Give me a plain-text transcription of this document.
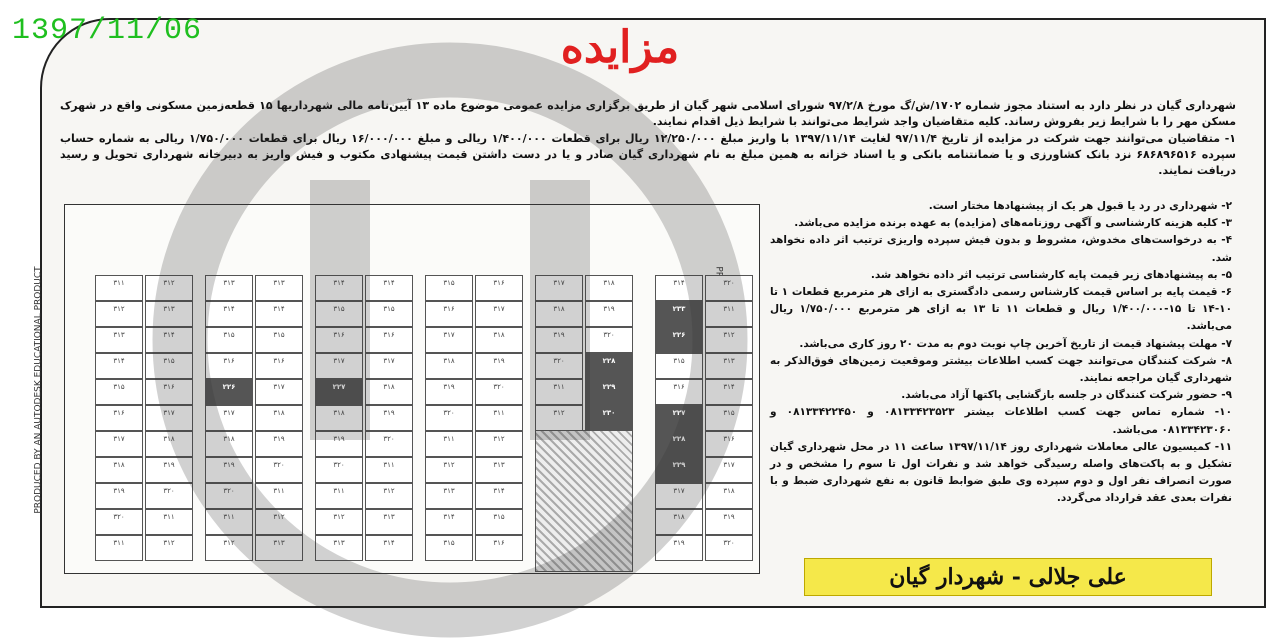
1397/11/06	مزایده

شهرداری گیان در نظر دارد به استناد مجوز شماره ۱۷۰۲/ش/گ مورخ ۹۷/۲/۸ شورای اسلامی شهر گیان از طریق برگزاری مزایده عمومی موضوع ماده ۱۳ آیین‌نامه مالی شهرداریها ۱۵ قطعه‌زمین مسکونی واقع در شهرک مسکن مهر را با شرایط زیر بفروش رساند. کلیه متقاضیان واجد شرایط می‌توانند با شرایط ذیل اقدام نمایند.

۱- متقاضیان می‌توانند جهت شرکت در مزایده از تاریخ ۹۷/۱۱/۴ لغایت ۱۳۹۷/۱۱/۱۴ با واریز مبلغ ۱۲/۲۵۰/۰۰۰ ریال برای قطعات ۱/۴۰۰/۰۰۰ ریالی و مبلغ ۱۶/۰۰۰/۰۰۰ ریال برای قطعات ۱/۷۵۰/۰۰۰ ریالی به شماره حساب سپرده ۶۸۶۸۹۶۵۱۶ نزد بانک کشاورزی و یا ضمانتنامه بانکی و یا اسناد خزانه به همین مبلغ به نام شهرداری گیان صادر و یا در دست داشتن قیمت پیشنهادی مکتوب و فیش واریز به دبیرخانه شهرداری تحویل و رسید دریافت نمایند.

۲- شهرداری در رد یا قبول هر یک از پیشنهادها مختار است.

۳- کلیه هزینه کارشناسی و آگهی روزنامه‌های (مزایده) به عهده برنده مزایده می‌باشد.

۴- به درخواست‌های مخدوش، مشروط و بدون فیش سپرده واریزی ترتیب اثر داده نخواهد شد.

۵- به پیشنهادهای زیر قیمت پایه کارشناسی ترتیب اثر داده نخواهد شد.

۶- قیمت پایه بر اساس قیمت کارشناس رسمی دادگستری به ازای هر مترمربع قطعات ۱ تا ۱۰-۱۴ تا ۱۵-۱/۴۰۰/۰۰۰ ریال و قطعات ۱۱ تا ۱۳ به ازای هر مترمربع ۱/۷۵۰/۰۰۰ ریال می‌باشد.

۷- مهلت پیشنهاد قیمت از تاریخ آخرین چاپ نوبت دوم به مدت ۲۰ روز کاری می‌باشد.

۸- شرکت کنندگان می‌توانند جهت کسب اطلاعات بیشتر وموقعیت زمین‌های فوق‌الذکر به شهرداری گیان مراجعه نمایند.

۹- حضور شرکت کنندگان در جلسه بازگشایی پاکتها آزاد می‌باشد.

۱۰- شماره تماس جهت کسب اطلاعات بیشتر ۰۸۱۳۳۴۲۳۵۲۳ و ۰۸۱۳۳۴۲۲۴۵۰ و ۰۸۱۳۳۴۲۳۰۶۰ می‌باشد.

۱۱- کمیسیون عالی معاملات شهرداری روز ۱۳۹۷/۱۱/۱۴ ساعت ۱۱ در محل شهرداری گیان تشکیل و به پاکت‌های واصله رسیدگی خواهد شد و نفرات اول تا سوم را مشخص و در صورت انصراف نفر اول و دوم سپرده وی طبق ضوابط قانون به نفع شهرداری ضبط و با نفرات بعدی عقد قرارداد می‌گردد.

PRODUCED BY AN AUTODESK EDUCATIONAL PRODUCT	۳۱۱
۳۱۲
۳۱۳
۳۱۴
۳۱۵
۳۱۶
۳۱۷
۳۱۸
۳۱۹
۳۲۰
۳۱۱
۳۱۲
۳۱۳
۳۱۴
۳۱۵
۳۱۶
۳۱۷
۳۱۸
۳۱۹
۳۲۰
۳۱۱
۳۱۲
۳۱۳
۳۱۴
۳۱۵
۳۱۶
۲۲۶
۳۱۷
۳۱۸
۳۱۹
۳۲۰
۳۱۱
۳۱۲
۳۱۳
۳۱۴
۳۱۵
۳۱۶
۳۱۷
۳۱۸
۳۱۹
۳۲۰
۳۱۱
۳۱۲
۳۱۳
۳۱۴
۳۱۵
۳۱۶
۳۱۷
۲۲۷
۳۱۸
۳۱۹
۳۲۰
۳۱۱
۳۱۲
۳۱۳
۳۱۴
۳۱۵
۳۱۶
۳۱۷
۳۱۸
۳۱۹
۳۲۰
۳۱۱
۳۱۲
۳۱۳
۳۱۴
۳۱۵
۳۱۶
۳۱۷
۳۱۸
۳۱۹
۳۲۰
۳۱۱
۳۱۲
۳۱۳
۳۱۴
۳۱۵
۳۱۶
۳۱۷
۳۱۸
۳۱۹
۳۲۰
۳۱۱
۳۱۲
۳۱۳
۳۱۴
۳۱۵
۳۱۶
۳۱۷
۳۱۸
۳۱۹
۳۲۰
۳۱۱
۳۱۲
۳۱۸
۳۱۹
۳۲۰
۲۲۸
۲۲۹
۲۳۰
۳۱۴
۲۳۳
۲۲۶
۳۱۵
۳۱۶
۲۲۷
۲۲۸
۲۲۹
۳۱۷
۳۱۸
۳۱۹
۳۲۰
۳۱۱
۳۱۲
۳۱۳
۳۱۴
۳۱۵
۳۱۶
۳۱۷
۳۱۸
۳۱۹
۳۲۰
علی جلالی - شهردار گیان
